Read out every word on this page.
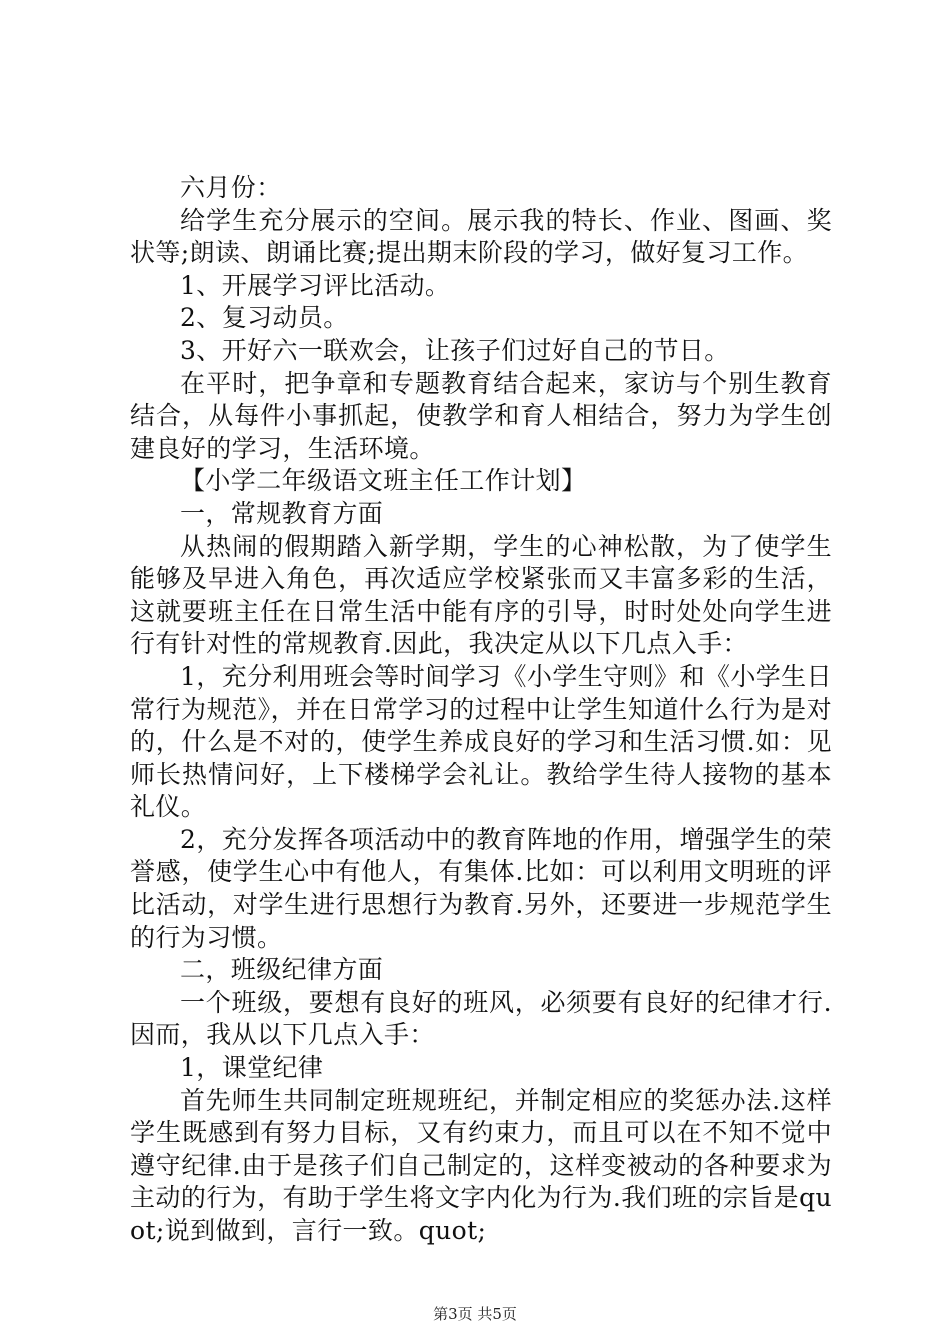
六月份：

给学生充分展示的空间。展示我的特长、作业、图画、奖状等;朗读、朗诵比赛;提出期末阶段的学习，做好复习工作。

1、开展学习评比活动。

2、复习动员。

3、开好六一联欢会，让孩子们过好自己的节日。

在平时，把争章和专题教育结合起来，家访与个别生教育结合，从每件小事抓起，使教学和育人相结合，努力为学生创建良好的学习，生活环境。

【小学二年级语文班主任工作计划】

一，常规教育方面

从热闹的假期踏入新学期，学生的心神松散，为了使学生能够及早进入角色，再次适应学校紧张而又丰富多彩的生活，这就要班主任在日常生活中能有序的引导，时时处处向学生进行有针对性的常规教育.因此，我决定从以下几点入手：

1，充分利用班会等时间学习《小学生守则》和《小学生日常行为规范》，并在日常学习的过程中让学生知道什么行为是对的，什么是不对的，使学生养成良好的学习和生活习惯.如：见师长热情问好，上下楼梯学会礼让。教给学生待人接物的基本礼仪。

2，充分发挥各项活动中的教育阵地的作用，增强学生的荣誉感，使学生心中有他人，有集体.比如：可以利用文明班的评比活动，对学生进行思想行为教育.另外，还要进一步规范学生的行为习惯。

二，班级纪律方面

一个班级，要想有良好的班风，必须要有良好的纪律才行.因而，我从以下几点入手：

1，课堂纪律

首先师生共同制定班规班纪，并制定相应的奖惩办法.这样学生既感到有努力目标，又有约束力，而且可以在不知不觉中遵守纪律.由于是孩子们自己制定的，这样变被动的各种要求为主动的行为，有助于学生将文字内化为行为.我们班的宗旨是quot;说到做到，言行一致。quot;

第3页 共5页
